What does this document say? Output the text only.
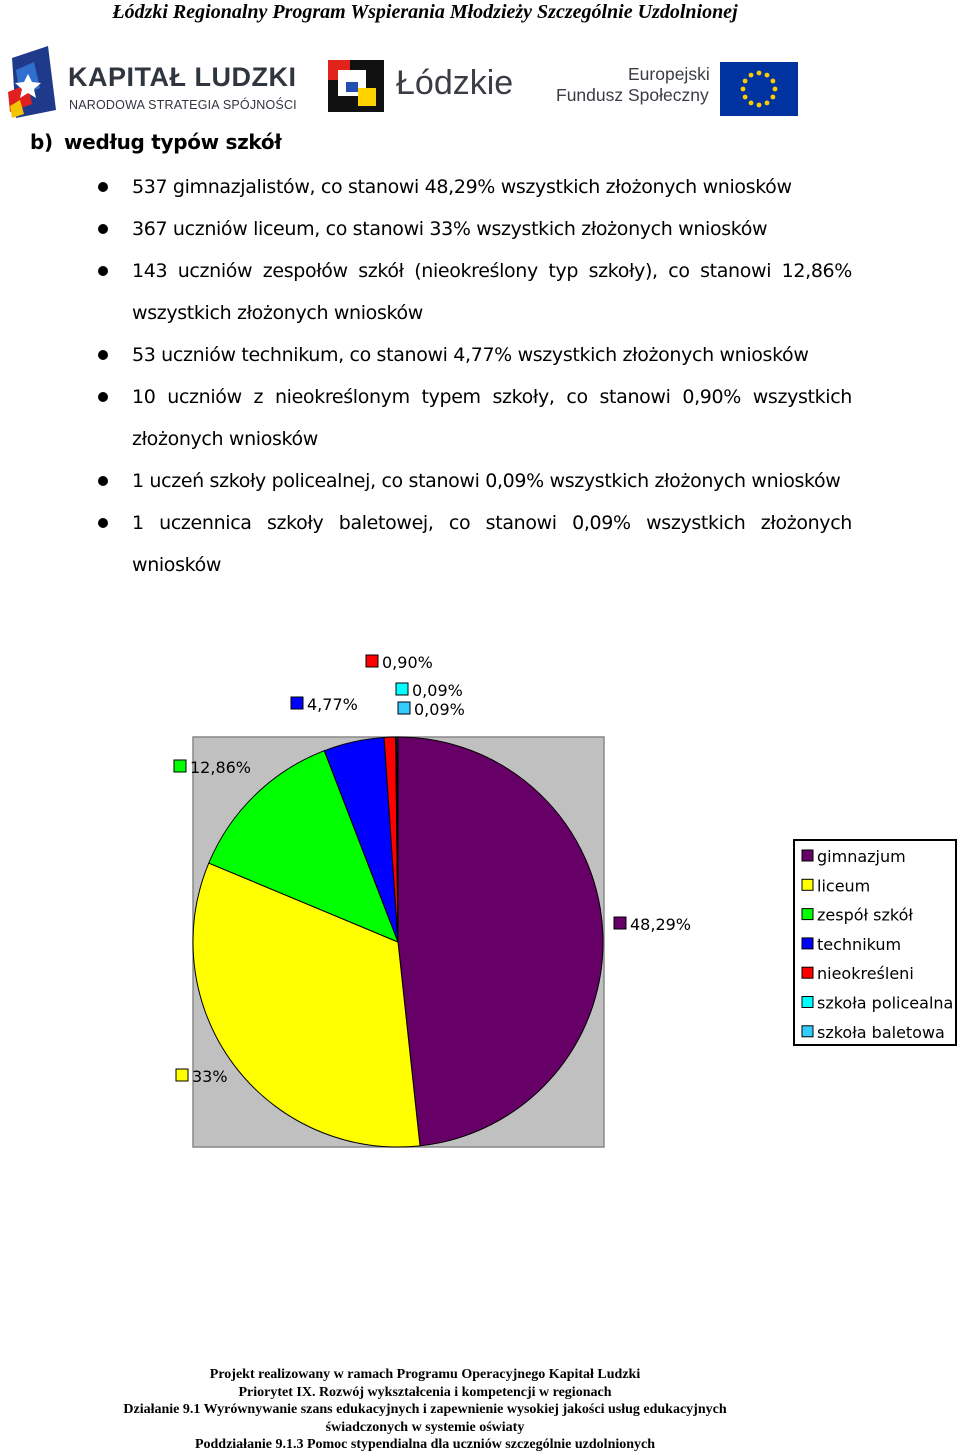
Łódzki Regionalny Program Wspierania Młodzieży Szczególnie Uzdolnionej
KAPITAŁ LUDZKI
NARODOWA STRATEGIA SPÓJNOŚCI
Łódzkie	Europejski
Fundusz Społeczny
b) według typów szkół
537 gimnazjalistów, co stanowi 48,29% wszystkich złożonych wniosków
367 uczniów liceum, co stanowi 33% wszystkich złożonych wniosków
143 uczniów zespołów szkół (nieokreślony typ szkoły), co stanowi 12,86% wszystkich złożonych wniosków
53 uczniów technikum, co stanowi 4,77% wszystkich złożonych wniosków
10 uczniów z nieokreślonym typem szkoły, co stanowi 0,90% wszystkich złożonych wniosków
1 uczeń szkoły policealnej, co stanowi 0,09% wszystkich złożonych wniosków
1 uczennica szkoły baletowej, co stanowi 0,09% wszystkich złożonych wniosków
48,29%
33%
12,86%
4,77%
0,90%
0,09%
0,09%
gimnazjum
liceum
zespół szkół
technikum
nieokreśleni
szkoła policealna
szkoła baletowa
Projekt realizowany w ramach Programu Operacyjnego Kapitał Ludzki
Priorytet IX. Rozwój wykształcenia i kompetencji w regionach
Działanie 9.1 Wyrównywanie szans edukacyjnych i zapewnienie wysokiej jakości usług edukacyjnych
świadczonych w systemie oświaty
Poddziałanie 9.1.3 Pomoc stypendialna dla uczniów szczególnie uzdolnionych
